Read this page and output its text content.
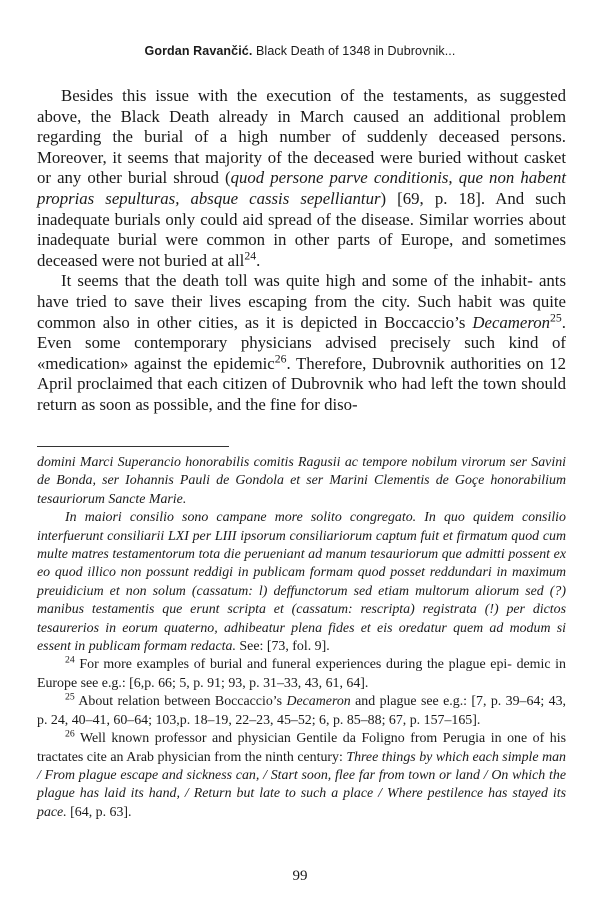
Gordan Ravančić. Black Death of 1348 in Dubrovnik...

Besides this issue with the execution of the testaments, as suggested above, the Black Death already in March caused an additional problem regarding the burial of a high number of suddenly deceased persons. Moreover, it seems that majority of the deceased were buried without casket or any other burial shroud (quod persone parve conditionis, que non habent proprias sepulturas, absque cassis sepelliantur) [69, p. 18]. And such inadequate burials only could aid spread of the disease. Similar worries about inadequate burial were common in other parts of Europe, and sometimes deceased were not buried at all$^{24}$.

It seems that the death toll was quite high and some of the inhabit- ants have tried to save their lives escaping from the city. Such habit was quite common also in other cities, as it is depicted in Boccaccio’s Decameron$^{25}$. Even some contemporary physicians advised precisely such kind of «medication» against the epidemic$^{26}$. Therefore, Dubrovnik authorities on 12 April proclaimed that each citizen of Dubrovnik who had left the town should return as soon as possible, and the fine for diso-

domini Marci Superancio honorabilis comitis Ragusii ac tempore nobilum virorum ser Savini de Bonda, ser Iohannis Pauli de Gondola et ser Marini Clementis de Goçe honorabilium tesauriorum Sancte Marie.

In maiori consilio sono campane more solito congregato. In quo quidem consilio interfuerunt consiliarii LXI per LIII ipsorum consiliariorum captum fuit et firmatum quod cum multe matres testamentorum tota die perueniant ad manum tesauriorum que admitti possent ex eo quod illico non possunt reddigi in publicam formam quod posset reddundari in maximum preuidicium et non solum (cassatum: l) deffunctorum sed etiam multorum aliorum sed (?) manibus testamentis que erunt scripta et (cassatum: rescripta) registrata (!) per dictos tesaurerios in eorum quaterno, adhibeatur plena fides et eis oredatur quem ad modum si essent in publicam formam redacta. See: [73, fol. 9].

$^{24}$ For more examples of burial and funeral experiences during the plague epi- demic in Europe see e.g.: [6,p. 66; 5, p. 91; 93, p. 31–33, 43, 61, 64].

$^{25}$ About relation between Boccaccio’s Decameron and plague see e.g.: [7, p. 39–64; 43, p. 24, 40–41, 60–64; 103,p. 18–19, 22–23, 45–52; 6, p. 85–88; 67, p. 157–165].

$^{26}$ Well known professor and physician Gentile da Foligno from Perugia in one of his tractates cite an Arab physician from the ninth century: Three things by which each simple man / From plague escape and sickness can, / Start soon, flee far from town or land / On which the plague has laid its hand, / Return but late to such a place / Where pestilence has stayed its pace. [64, p. 63].

99
